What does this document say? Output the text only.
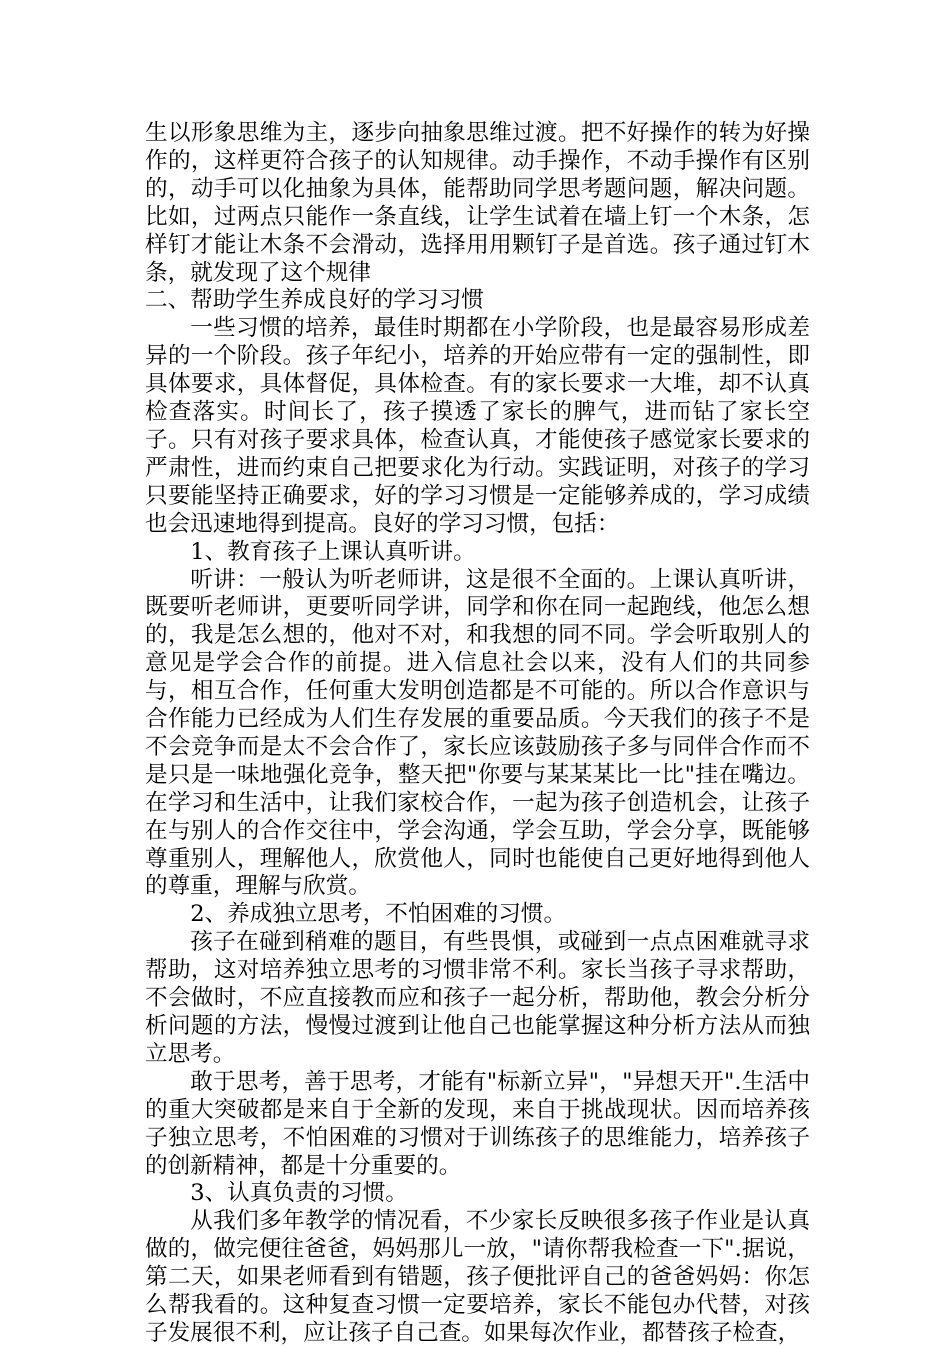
生以形象思维为主，逐步向抽象思维过渡。把不好操作的转为好操作的，这样更符合孩子的认知规律。动手操作，不动手操作有区别的，动手可以化抽象为具体，能帮助同学思考题问题，解决问题。比如，过两点只能作一条直线，让学生试着在墙上钉一个木条，怎样钉才能让木条不会滑动，选择用用颗钉子是首选。孩子通过钉木条，就发现了这个规律

二、帮助学生养成良好的学习习惯

一些习惯的培养，最佳时期都在小学阶段，也是最容易形成差异的一个阶段。孩子年纪小，培养的开始应带有一定的强制性，即具体要求，具体督促，具体检查。有的家长要求一大堆，却不认真检查落实。时间长了，孩子摸透了家长的脾气，进而钻了家长空子。只有对孩子要求具体，检查认真，才能使孩子感觉家长要求的严肃性，进而约束自己把要求化为行动。实践证明，对孩子的学习只要能坚持正确要求，好的学习习惯是一定能够养成的，学习成绩也会迅速地得到提高。良好的学习习惯，包括：

1、教育孩子上课认真听讲。

听讲：一般认为听老师讲，这是很不全面的。上课认真听讲，既要听老师讲，更要听同学讲，同学和你在同一起跑线，他怎么想的，我是怎么想的，他对不对，和我想的同不同。学会听取别人的意见是学会合作的前提。进入信息社会以来，没有人们的共同参与，相互合作，任何重大发明创造都是不可能的。所以合作意识与合作能力已经成为人们生存发展的重要品质。今天我们的孩子不是不会竞争而是太不会合作了，家长应该鼓励孩子多与同伴合作而不是只是一味地强化竞争，整天把"你要与某某某比一比"挂在嘴边。在学习和生活中，让我们家校合作，一起为孩子创造机会，让孩子在与别人的合作交往中，学会沟通，学会互助，学会分享，既能够尊重别人，理解他人，欣赏他人，同时也能使自己更好地得到他人的尊重，理解与欣赏。

2、养成独立思考，不怕困难的习惯。

孩子在碰到稍难的题目，有些畏惧，或碰到一点点困难就寻求帮助，这对培养独立思考的习惯非常不利。家长当孩子寻求帮助，不会做时，不应直接教而应和孩子一起分析，帮助他，教会分析分析问题的方法，慢慢过渡到让他自己也能掌握这种分析方法从而独立思考。

敢于思考，善于思考，才能有"标新立异"，"异想天开".生活中的重大突破都是来自于全新的发现，来自于挑战现状。因而培养孩子独立思考，不怕困难的习惯对于训练孩子的思维能力，培养孩子的创新精神，都是十分重要的。

3、认真负责的习惯。

从我们多年教学的情况看，不少家长反映很多孩子作业是认真做的，做完便往爸爸，妈妈那儿一放，"请你帮我检查一下".据说，第二天，如果老师看到有错题，孩子便批评自己的爸爸妈妈：你怎么帮我看的。这种复查习惯一定要培养，家长不能包办代替，对孩子发展很不利，应让孩子自己查。如果每次作业，都替孩子检查，
